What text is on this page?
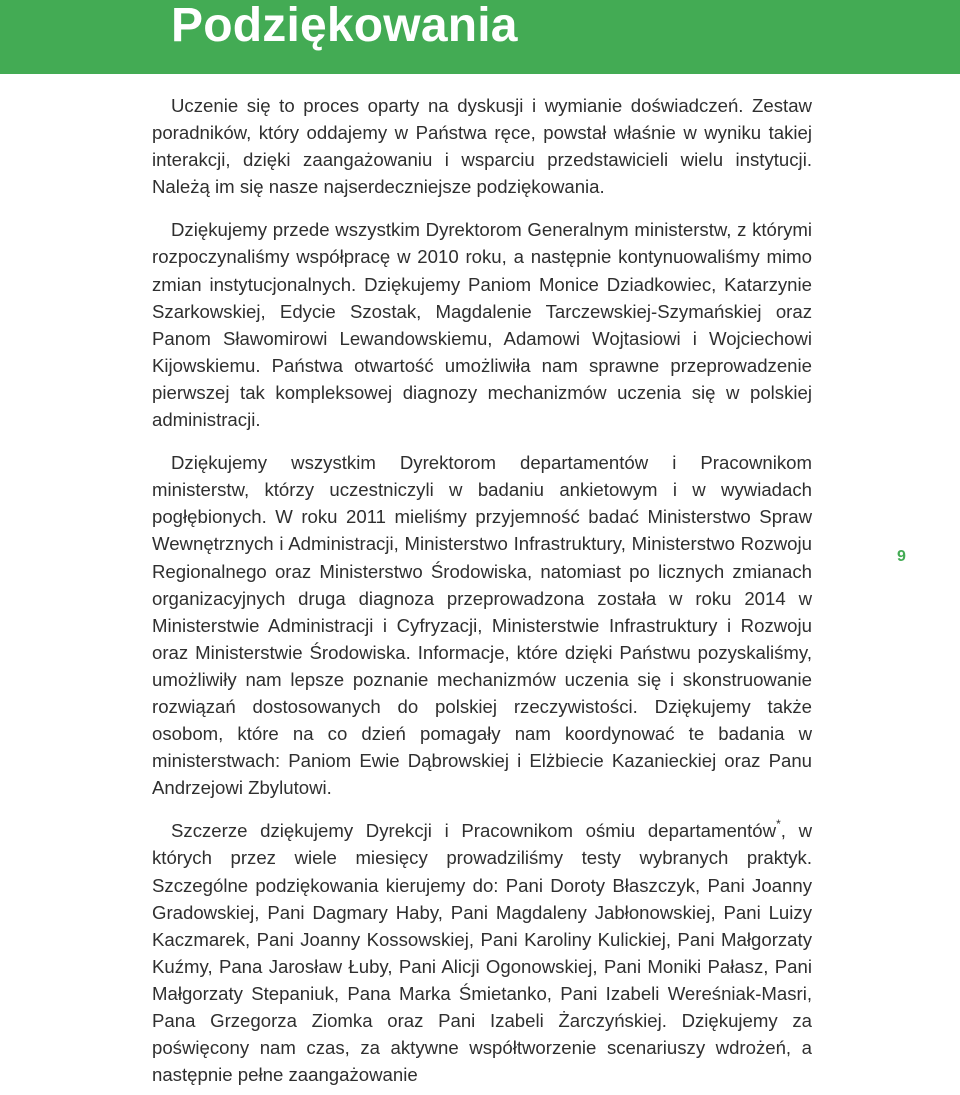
Podziękowania

Uczenie się to proces oparty na dyskusji i wymianie doświadczeń. Zestaw poradników, który oddajemy w Państwa ręce, powstał właśnie w wyniku takiej interakcji, dzięki zaangażowaniu i wsparciu przedstawicieli wielu instytucji. Należą im się nasze najserdeczniejsze podziękowania.

Dziękujemy przede wszystkim Dyrektorom Generalnym ministerstw, z którymi rozpoczynaliśmy współpracę w 2010 roku, a następnie kontynuowaliśmy mimo zmian instytucjonalnych. Dziękujemy Paniom Monice Dziadkowiec, Katarzynie Szarkowskiej, Edycie Szostak, Magdalenie Tarczewskiej-Szymańskiej oraz Panom Sławomirowi Lewandowskiemu, Adamowi Wojtasiowi i Wojciechowi Kijowskiemu. Państwa otwartość umożliwiła nam sprawne przeprowadzenie pierwszej tak kompleksowej diagnozy mechanizmów uczenia się w polskiej administracji.

Dziękujemy wszystkim Dyrektorom departamentów i Pracownikom ministerstw, którzy uczestniczyli w badaniu ankietowym i w wywiadach pogłębionych. W roku 2011 mieliśmy przyjemność badać Ministerstwo Spraw Wewnętrznych i Administracji, Ministerstwo Infrastruktury, Ministerstwo Rozwoju Regionalnego oraz Ministerstwo Środowiska, natomiast po licznych zmianach organizacyjnych druga diagnoza przeprowadzona została w roku 2014 w Ministerstwie Administracji i Cyfryzacji, Ministerstwie Infrastruktury i Rozwoju oraz Ministerstwie Środowiska. Informacje, które dzięki Państwu pozyskaliśmy, umożliwiły nam lepsze poznanie mechanizmów uczenia się i skonstruowanie rozwiązań dostosowanych do polskiej rzeczywistości. Dziękujemy także osobom, które na co dzień pomagały nam koordynować te badania w ministerstwach: Paniom Ewie Dąbrowskiej i Elżbiecie Kazanieckiej oraz Panu Andrzejowi Zbylutowi.

Szczerze dziękujemy Dyrekcji i Pracownikom ośmiu departamentów*, w których przez wiele miesięcy prowadziliśmy testy wybranych praktyk. Szczególne podziękowania kierujemy do: Pani Doroty Błaszczyk, Pani Joanny Gradowskiej, Pani Dagmary Haby, Pani Magdaleny Jabłonowskiej, Pani Luizy Kaczmarek, Pani Joanny Kossowskiej, Pani Karoliny Kulickiej, Pani Małgorzaty Kuźmy, Pana Jarosław Łuby, Pani Alicji Ogonowskiej, Pani Moniki Pałasz, Pani Małgorzaty Stepaniuk, Pana Marka Śmietanko, Pani Izabeli Wereśniak-Masri, Pana Grzegorza Ziomka oraz Pani Izabeli Żarczyńskiej. Dziękujemy za poświęcony nam czas, za aktywne współtworzenie scenariuszy wdrożeń, a następnie pełne zaangażowanie

9
